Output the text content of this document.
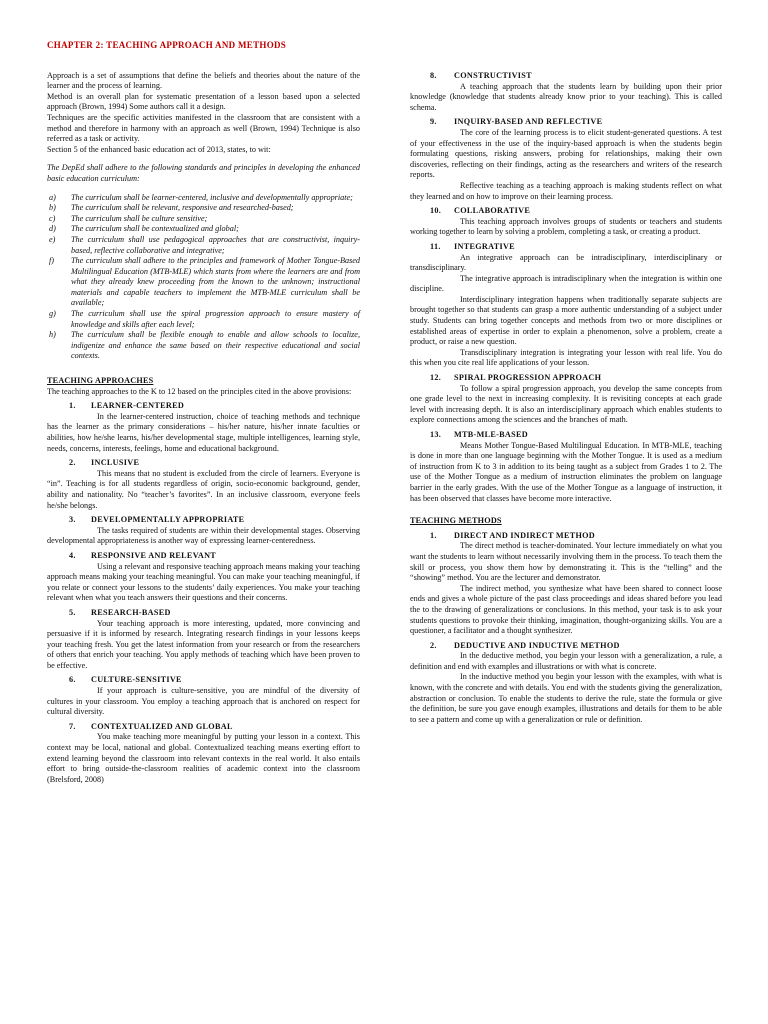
CHAPTER 2: TEACHING APPROACH AND METHODS

Approach is a set of assumptions that define the beliefs and theories about the nature of the learner and the process of learning.

Method is an overall plan for systematic presentation of a lesson based upon a selected approach (Brown, 1994) Some authors call it a design.

Techniques are the specific activities manifested in the classroom that are consistent with a method and therefore in harmony with an approach as well (Brown, 1994) Technique is also referred as a task or activity.

Section 5 of the enhanced basic education act of 2013, states, to wit:

The DepEd shall adhere to the following standards and principles in developing the enhanced basic education curriculum:

a)	The curriculum shall be learner-centered, inclusive and developmentally appropriate;
b)	The curriculum shall be relevant, responsive and researched-based;
c)	The curriculum shall be culture sensitive;
d)	The curriculum shall be contextualized and global;
e)	The curriculum shall use pedagogical approaches that are constructivist, inquiry-based, reflective collaborative and integrative;
f)	The curriculum shall adhere to the principles and framework of Mother Tongue-Based Multilingual Education (MTB-MLE) which starts from where the learners are and from what they already knew proceeding from the known to the unknown; instructional materials and capable teachers to implement the MTB-MLE curriculum shall be available;
g)	The curriculum shall use the spiral progression approach to ensure mastery of knowledge and skills after each level;
h)	The curriculum shall be flexible enough to enable and allow schools to localize, indigenize and enhance the same based on their respective educational and social contexts.
TEACHING APPROACHES

The teaching approaches to the K to 12 based on the principles cited in the above provisions:

1.	LEARNER-CENTERED

In the learner-centered instruction, choice of teaching methods and technique has the learner as the primary considerations – his/her nature, his/her innate faculties or abilities, how he/she learns, his/her developmental stage, multiple intelligences, learning style, needs, concerns, interests, feelings, home and educational background.

2.	INCLUSIVE

This means that no student is excluded from the circle of learners. Everyone is “in”. Teaching is for all students regardless of origin, socio-economic background, gender, ability and nationality. No “teacher’s favorites”. In an inclusive classroom, everyone feels he/she belongs.

3.	DEVELOPMENTALLY APPROPRIATE

The tasks required of students are within their developmental stages. Observing developmental appropriateness is another way of expressing learner-centeredness.

4.	RESPONSIVE AND RELEVANT

Using a relevant and responsive teaching approach means making your teaching approach means making your teaching meaningful. You can make your teaching meaningful, if you relate or connect your lessons to the students’ daily experiences. You make your teaching relevant when what you teach answers their questions and their concerns.

5.	RESEARCH-BASED

Your teaching approach is more interesting, updated, more convincing and persuasive if it is informed by research. Integrating research findings in your lessons keeps your teaching fresh. You get the latest information from your research or from the researchers of others that enrich your teaching. You apply methods of teaching which have been proven to be effective.

6.	CULTURE-SENSITIVE

If your approach is culture-sensitive, you are mindful of the diversity of cultures in your classroom. You employ a teaching approach that is anchored on respect for cultural diversity.

7.	CONTEXTUALIZED AND GLOBAL

You make teaching more meaningful by putting your lesson in a context. This context may be local, national and global. Contextualized teaching means exerting effort to extend learning beyond the classroom into relevant contexts in the real world. It also entails effort to bring outside-the-classroom realities of academic context into the classroom (Brelsford, 2008)

8.	CONSTRUCTIVIST

A teaching approach that the students learn by building upon their prior knowledge (knowledge that students already know prior to your teaching). This is called schema.

9.	INQUIRY-BASED AND REFLECTIVE

The core of the learning process is to elicit student-generated questions. A test of your effectiveness in the use of the inquiry-based approach is when the students begin formulating questions, risking answers, probing for relationships, making their own discoveries, reflecting on their findings, acting as the researchers and writers of the research reports.

Reflective teaching as a teaching approach is making students reflect on what they learned and on how to improve on their learning process.

10.	COLLABORATIVE

This teaching approach involves groups of students or teachers and students working together to learn by solving a problem, completing a task, or creating a product.

11.	INTEGRATIVE

An integrative approach can be intradisciplinary, interdisciplinary or transdisciplinary.

The integrative approach is intradisciplinary when the integration is within one discipline.

Interdisciplinary integration happens when traditionally separate subjects are brought together so that students can grasp a more authentic understanding of a subject under study. Students can bring together concepts and methods from two or more disciplines or established areas of expertise in order to explain a phenomenon, solve a problem, create a product, or raise a new question.

Transdisciplinary integration is integrating your lesson with real life. You do this when you cite real life applications of your lesson.

12.	SPIRAL PROGRESSION APPROACH

To follow a spiral progression approach, you develop the same concepts from one grade level to the next in increasing complexity. It is revisiting concepts at each grade level with increasing depth. It is also an interdisciplinary approach which enables students to explore connections among the sciences and the branches of math.

13.	MTB-MLE-BASED

Means Mother Tongue-Based Multilingual Education. In MTB-MLE, teaching is done in more than one language beginning with the Mother Tongue. It is used as a medium of instruction from K to 3 in addition to its being taught as a subject from Grades 1 to 2. The use of the Mother Tongue as a medium of instruction eliminates the problem on language barrier in the early grades. With the use of the Mother Tongue as a language of instruction, it has been observed that classes have become more interactive.

TEACHING METHODS
1.	DIRECT AND INDIRECT METHOD

The direct method is teacher-dominated. Your lecture immediately on what you want the students to learn without necessarily involving them in the process. To teach them the skill or process, you show them how by demonstrating it. This is the “telling” and the “showing” method. You are the lecturer and demonstrator.

The indirect method, you synthesize what have been shared to connect loose ends and gives a whole picture of the past class proceedings and ideas shared before you lead the to the drawing of generalizations or conclusions. In this method, your task is to ask your students questions to provoke their thinking, imagination, thought-organizing skills. You are a questioner, a facilitator and a thought synthesizer.

2.	DEDUCTIVE AND INDUCTIVE METHOD

In the deductive method, you begin your lesson with a generalization, a rule, a definition and end with examples and illustrations or with what is concrete.

In the inductive method you begin your lesson with the examples, with what is known, with the concrete and with details. You end with the students giving the generalization, abstraction or conclusion. To enable the students to derive the rule, state the formula or give the definition, be sure you gave enough examples, illustrations and details for them to be able to see a pattern and come up with a generalization or rule or definition.
